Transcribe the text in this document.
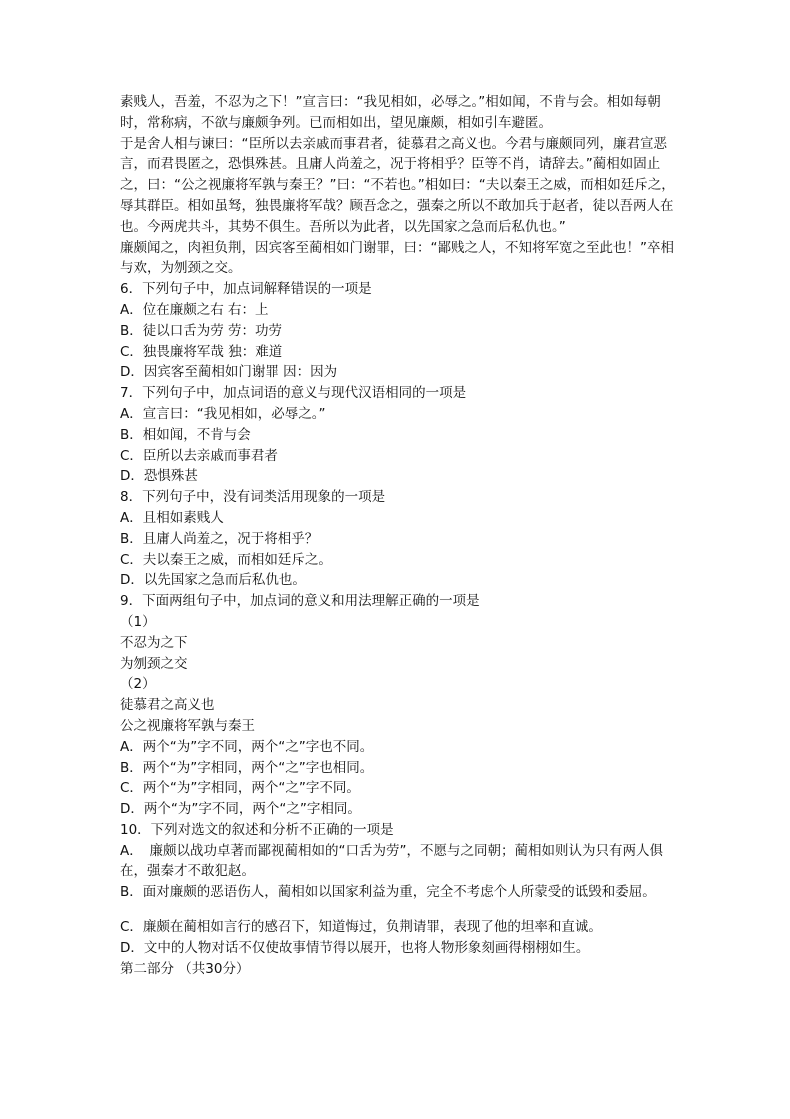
素贱人，吾羞，不忍为之下！”宣言曰：“我见相如，必辱之。”相如闻，不肯与会。相如每朝时，常称病，不欲与廉颇争列。已而相如出，望见廉颇，相如引车避匿。

于是舍人相与谏曰：“臣所以去亲戚而事君者，徒慕君之高义也。今君与廉颇同列，廉君宣恶言，而君畏匿之，恐惧殊甚。且庸人尚羞之，况于将相乎？臣等不肖，请辞去。”蔺相如固止之，曰：“公之视廉将军孰与秦王？”曰：“不若也。”相如曰：“夫以秦王之威，而相如廷斥之，辱其群臣。相如虽驽，独畏廉将军哉？顾吾念之，强秦之所以不敢加兵于赵者，徒以吾两人在也。今两虎共斗，其势不俱生。吾所以为此者，以先国家之急而后私仇也。”

廉颇闻之，肉袒负荆，因宾客至蔺相如门谢罪，曰：“鄙贱之人，不知将军宽之至此也！”卒相与欢，为刎颈之交。

6．下列句子中，加点词解释错误的一项是

A．位在廉颇之右 右：上

B．徒以口舌为劳 劳：功劳

C．独畏廉将军哉 独：难道

D．因宾客至蔺相如门谢罪 因：因为

7．下列句子中，加点词语的意义与现代汉语相同的一项是

A．宣言曰：“我见相如，必辱之。”

B．相如闻，不肯与会

C．臣所以去亲戚而事君者

D．恐惧殊甚

8．下列句子中，没有词类活用现象的一项是

A．且相如素贱人

B．且庸人尚羞之，况于将相乎？

C．夫以秦王之威，而相如廷斥之。

D．以先国家之急而后私仇也。

9．下面两组句子中，加点词的意义和用法理解正确的一项是

（1）

不忍为之下

为刎颈之交

（2）

徒慕君之高义也

公之视廉将军孰与秦王

A．两个“为”字不同，两个“之”字也不同。

B．两个“为”字相同，两个“之”字也相同。

C．两个“为”字相同，两个“之”字不同。

D．两个“为”字不同，两个“之”字相同。

10．下列对选文的叙述和分析不正确的一项是

A．　廉颇以战功卓著而鄙视蔺相如的“口舌为劳”，不愿与之同朝；蔺相如则认为只有两人俱在，强秦才不敢犯赵。

B．面对廉颇的恶语伤人，蔺相如以国家利益为重，完全不考虑个人所蒙受的诋毁和委屈。

C．廉颇在蔺相如言行的感召下，知道悔过，负荆请罪，表现了他的坦率和直诚。

D．文中的人物对话不仅使故事情节得以展开，也将人物形象刻画得栩栩如生。

第二部分 （共30分）
